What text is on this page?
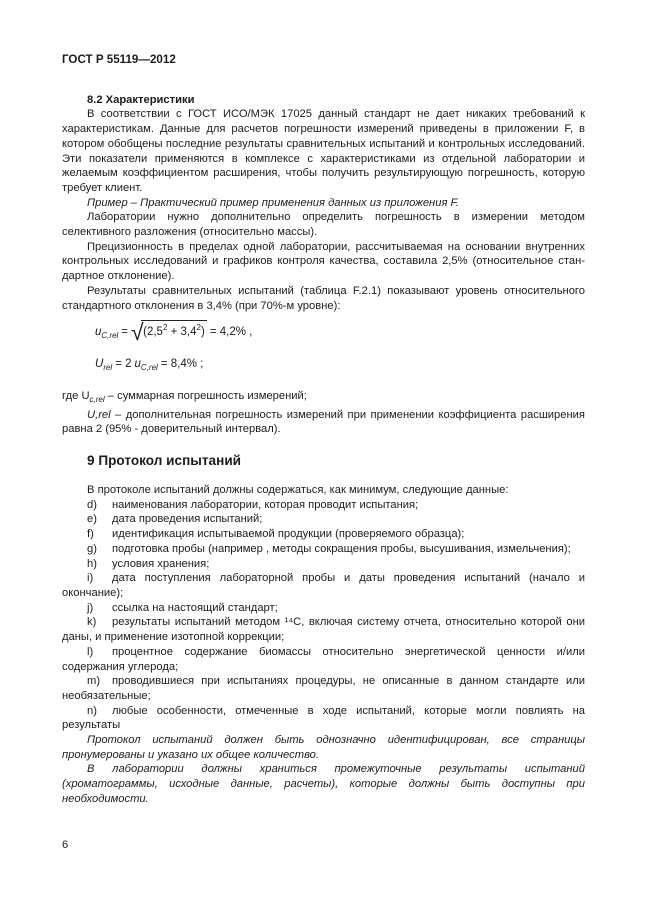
ГОСТ Р 55119—2012
8.2 Характеристики

В соответствии с ГОСТ ИСО/МЭК 17025 данный стандарт не дает никаких требований к характеристикам. Данные для расчетов погрешности измерений приведены в приложении F, в котором обобщены последние результаты сравнительных испытаний и контрольных исследований. Эти показатели применяются в комплексе с характеристиками из отдельной лаборатории и желаемым коэффициентом расширения, чтобы получить результирующую погрешность, которую требует клиент.

Пример – Практический пример применения данных из приложения F.

Лаборатории нужно дополнительно определить погрешность в измерении методом селективного разложения (относительно массы).

Прецизионность в пределах одной лаборатории, рассчитываемая на основании внутренних контрольных исследований и графиков контроля качества, составила 2,5% (относительное стандартное отклонение).

Результаты сравнительных испытаний (таблица F.2.1) показывают уровень относительного стандартного отклонения в 3,4% (при 70%-м уровне):

$u_{C,rel} = √(2,5^2 + 3,4^2) = 4,2\%$ ,
$U_{rel} = 2$ $u_{C,rel} = 8,4\%$ ;

где $U_{c,rel}$ – суммарная погрешность измерений;

U,rel – дополнительная погрешность измерений при применении коэффициента расширения равна 2 (95% - доверительный интервал).

9 Протокол испытаний

В протоколе испытаний должны содержаться, как минимум, следующие данные:

d) наименования лаборатории, которая проводит испытания;

e) дата проведения испытаний;

f) идентификация испытываемой продукции (проверяемого образца);

g) подготовка пробы (например , методы сокращения пробы, высушивания, измельчения);

h) условия хранения;

i) дата поступления лабораторной пробы и даты проведения испытаний (начало и окончание);

j) ссылка на настоящий стандарт;

k) результаты испытаний методом ¹⁴С, включая систему отчета, относительно которой они даны, и применение изотопной коррекции;

l) процентное содержание биомассы относительно энергетической ценности и/или содержания углерода;

m) проводившиеся при испытаниях процедуры, не описанные в данном стандарте или необязательные;

n) любые особенности, отмеченные в ходе испытаний, которые могли повлиять на результаты

Протокол испытаний должен быть однозначно идентифицирован, все страницы пронумерованы и указано их общее количество.

В лаборатории должны храниться промежуточные результаты испытаний (хроматограммы, исходные данные, расчеты), которые должны быть доступны при необходимости.

6
